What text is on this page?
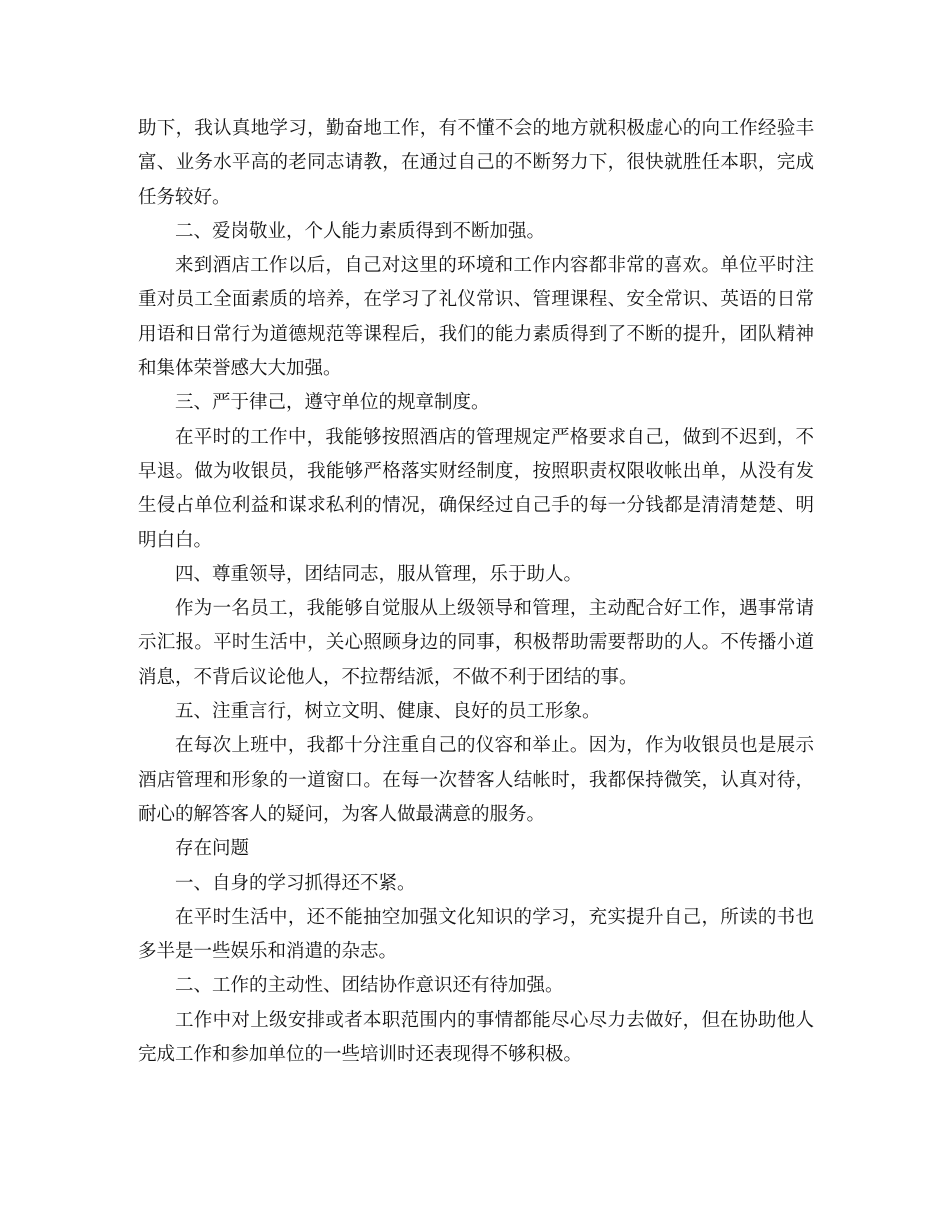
助下，我认真地学习，勤奋地工作，有不懂不会的地方就积极虚心的向工作经验丰富、业务水平高的老同志请教，在通过自己的不断努力下，很快就胜任本职，完成任务较好。

二、爱岗敬业，个人能力素质得到不断加强。

来到酒店工作以后，自己对这里的环境和工作内容都非常的喜欢。单位平时注重对员工全面素质的培养，在学习了礼仪常识、管理课程、安全常识、英语的日常用语和日常行为道德规范等课程后，我们的能力素质得到了不断的提升，团队精神和集体荣誉感大大加强。

三、严于律己，遵守单位的规章制度。

在平时的工作中，我能够按照酒店的管理规定严格要求自己，做到不迟到，不早退。做为收银员，我能够严格落实财经制度，按照职责权限收帐出单，从没有发生侵占单位利益和谋求私利的情况，确保经过自己手的每一分钱都是清清楚楚、明明白白。

四、尊重领导，团结同志，服从管理，乐于助人。

作为一名员工，我能够自觉服从上级领导和管理，主动配合好工作，遇事常请示汇报。平时生活中，关心照顾身边的同事，积极帮助需要帮助的人。不传播小道消息，不背后议论他人，不拉帮结派，不做不利于团结的事。

五、注重言行，树立文明、健康、良好的员工形象。

在每次上班中，我都十分注重自己的仪容和举止。因为，作为收银员也是展示酒店管理和形象的一道窗口。在每一次替客人结帐时，我都保持微笑，认真对待，耐心的解答客人的疑问，为客人做最满意的服务。

存在问题

一、自身的学习抓得还不紧。

在平时生活中，还不能抽空加强文化知识的学习，充实提升自己，所读的书也多半是一些娱乐和消遣的杂志。

二、工作的主动性、团结协作意识还有待加强。

工作中对上级安排或者本职范围内的事情都能尽心尽力去做好，但在协助他人完成工作和参加单位的一些培训时还表现得不够积极。
